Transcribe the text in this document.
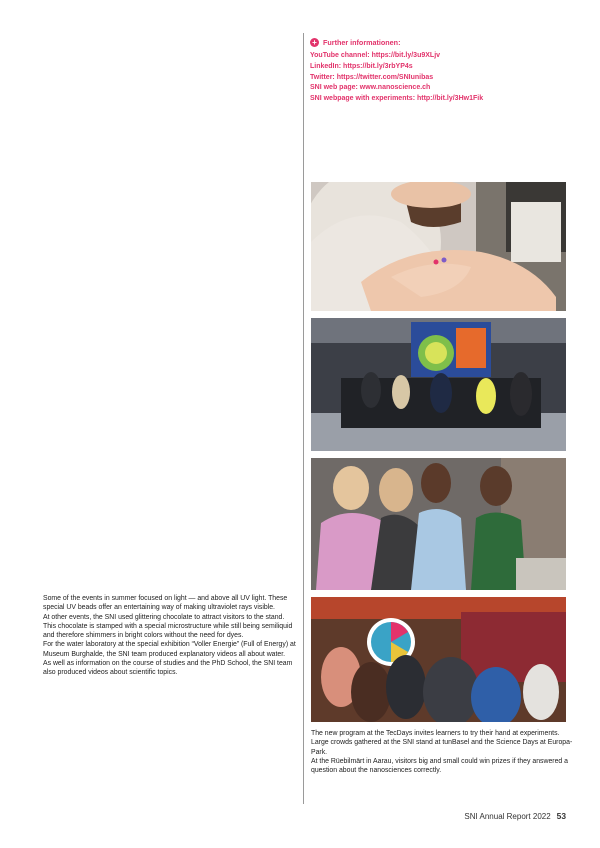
+ Further informationen:
YouTube channel: https://bit.ly/3u9XLjv
LinkedIn: https://bit.ly/3rbYP4s
Twitter: https://twitter.com/SNIunibas
SNI web page: www.nanoscience.ch
SNI webpage with experiments: http://bit.ly/3Hw1Fik

Some of the events in summer focused on light — and above all UV light. These special UV beads offer an entertaining way of making ultraviolet rays visible.

At other events, the SNI used glittering chocolate to attract visitors to the stand. This chocolate is stamped with a special microstructure while still being semiliquid and therefore shimmers in bright colors without the need for dyes.

For the water laboratory at the special exhibition “Voller Energie” (Full of Energy) at Museum Burghalde, the SNI team produced explanatory videos all about water.

As well as information on the course of studies and the PhD School, the SNI team also produced videos about scientific topics.

The new program at the TecDays invites learners to try their hand at experiments.

Large crowds gathered at the SNI stand at tunBasel and the Science Days at Europa-Park.

At the Rüebilmärt in Aarau, visitors big and small could win prizes if they answered a question about the nanosciences correctly.

SNI Annual Report 2022 53
